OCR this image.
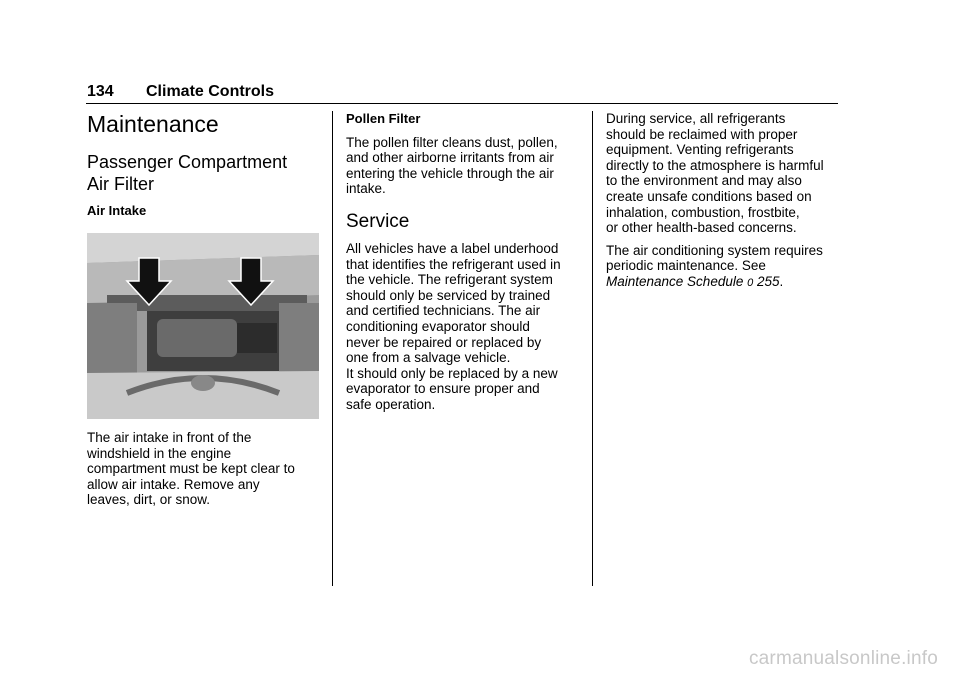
134 Climate Controls
Maintenance
Passenger Compartment
Air Filter
Air Intake
The air intake in front of the
windshield in the engine
compartment must be kept clear to
allow air intake. Remove any
leaves, dirt, or snow.
Pollen Filter
The pollen filter cleans dust, pollen,
and other airborne irritants from air
entering the vehicle through the air
intake.
Service
All vehicles have a label underhood
that identifies the refrigerant used in
the vehicle. The refrigerant system
should only be serviced by trained
and certified technicians. The air
conditioning evaporator should
never be repaired or replaced by
one from a salvage vehicle.
It should only be replaced by a new
evaporator to ensure proper and
safe operation.
During service, all refrigerants
should be reclaimed with proper
equipment. Venting refrigerants
directly to the atmosphere is harmful
to the environment and may also
create unsafe conditions based on
inhalation, combustion, frostbite,
or other health-based concerns.
The air conditioning system requires
periodic maintenance. See
Maintenance Schedule 0 255.
carmanualsonline.info
